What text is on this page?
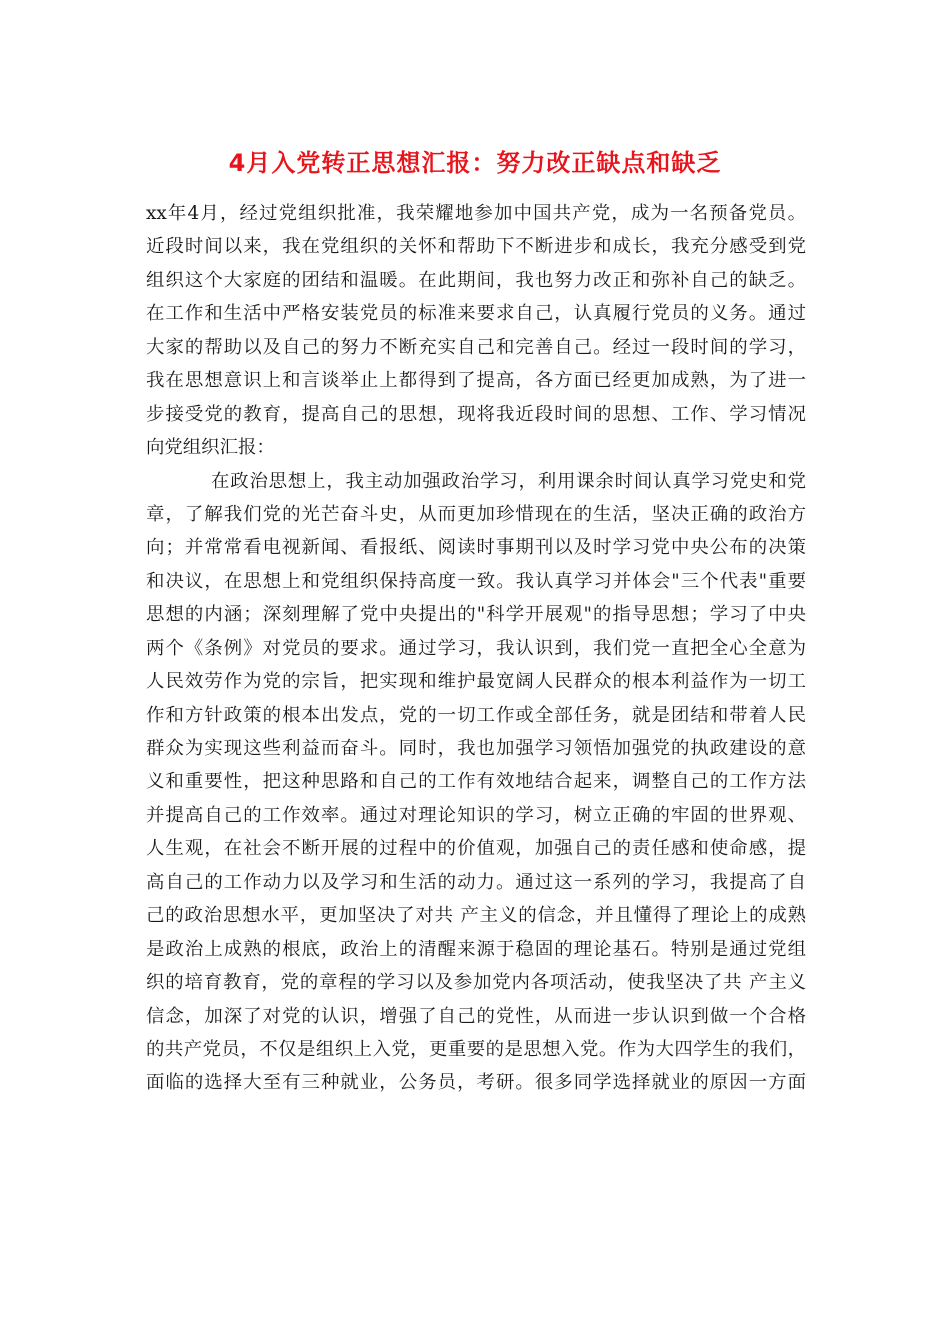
4月入党转正思想汇报：努力改正缺点和缺乏
xx年4月，经过党组织批准，我荣耀地参加中国共产党，成为一名预备党员。
近段时间以来，我在党组织的关怀和帮助下不断进步和成长，我充分感受到党
组织这个大家庭的团结和温暖。在此期间，我也努力改正和弥补自己的缺乏。
在工作和生活中严格安装党员的标准来要求自己，认真履行党员的义务。通过
大家的帮助以及自己的努力不断充实自己和完善自己。经过一段时间的学习，
我在思想意识上和言谈举止上都得到了提高，各方面已经更加成熟，为了进一
步接受党的教育，提高自己的思想，现将我近段时间的思想、工作、学习情况
向党组织汇报：
在政治思想上，我主动加强政治学习，利用课余时间认真学习党史和党
章，了解我们党的光芒奋斗史，从而更加珍惜现在的生活，坚决正确的政治方
向；并常常看电视新闻、看报纸、阅读时事期刊以及时学习党中央公布的决策
和决议，在思想上和党组织保持高度一致。我认真学习并体会"三个代表"重要
思想的内涵；深刻理解了党中央提出的"科学开展观"的指导思想；学习了中央
两个《条例》对党员的要求。通过学习，我认识到，我们党一直把全心全意为
人民效劳作为党的宗旨，把实现和维护最宽阔人民群众的根本利益作为一切工
作和方针政策的根本出发点，党的一切工作或全部任务，就是团结和带着人民
群众为实现这些利益而奋斗。同时，我也加强学习领悟加强党的执政建设的意
义和重要性，把这种思路和自己的工作有效地结合起来，调整自己的工作方法
并提高自己的工作效率。通过对理论知识的学习，树立正确的牢固的世界观、
人生观，在社会不断开展的过程中的价值观，加强自己的责任感和使命感，提
高自己的工作动力以及学习和生活的动力。通过这一系列的学习，我提高了自
己的政治思想水平，更加坚决了对共 产主义的信念，并且懂得了理论上的成熟
是政治上成熟的根底，政治上的清醒来源于稳固的理论基石。特别是通过党组
织的培育教育，党的章程的学习以及参加党内各项活动，使我坚决了共 产主义
信念，加深了对党的认识，增强了自己的党性，从而进一步认识到做一个合格
的共产党员，不仅是组织上入党，更重要的是思想入党。作为大四学生的我们，
面临的选择大至有三种就业，公务员，考研。很多同学选择就业的原因一方面
